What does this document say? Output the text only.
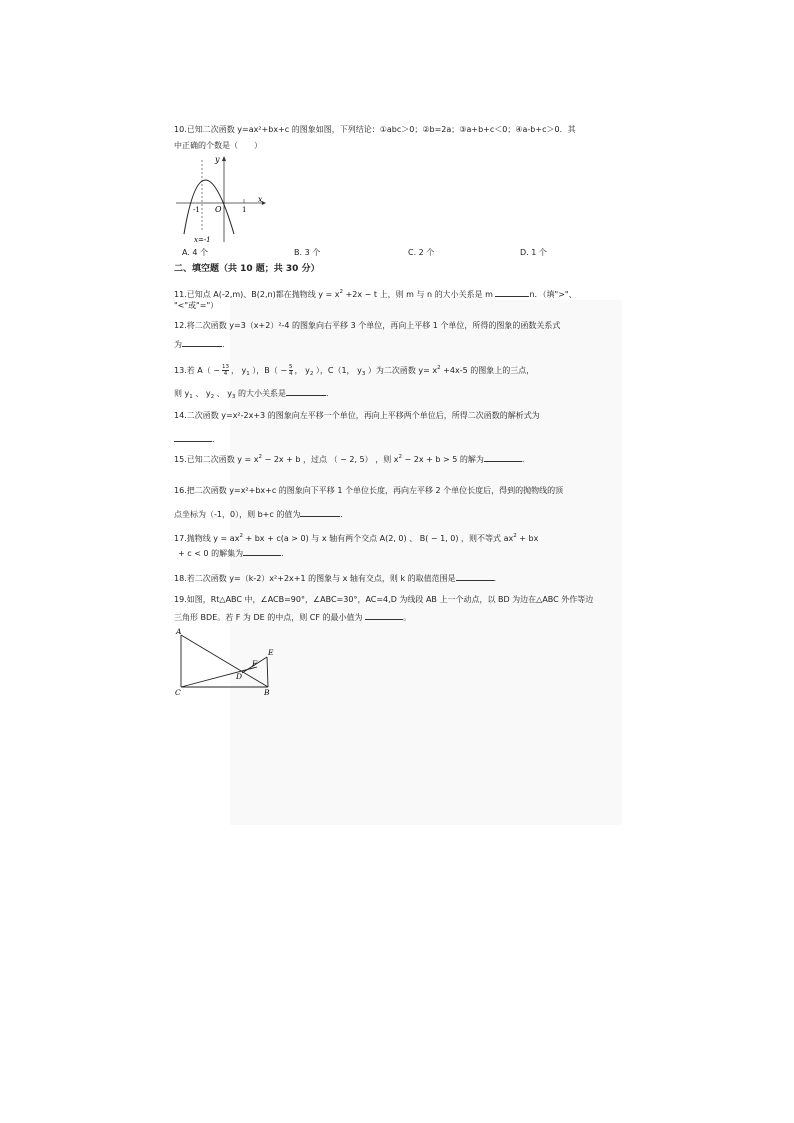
10.已知二次函数 y=ax²+bx+c 的图象如图，下列结论：①abc＞0；②b=2a；③a+b+c＜0；④a-b+c＞0．其
中正确的个数是（　　）
y
x
O
-1	1
x=-1
A. 4 个	B. 3 个	C. 2 个	D. 1 个
二、填空题（共 10 题；共 30 分）
11.已知点 A(-2,m)、B(2,n)都在抛物线 $y = x^2 +2x - t$ 上，则 m 与 n 的大小关系是 m	n．（填">"、
"<"或"="）
12.将二次函数 y=3（x+2）²-4 的图象向右平移 3 个单位，再向上平移 1 个单位，所得的图象的函数关系式
为	．
13.若 $A( - \frac{13}{4}$ ， $y_1$ ），$B( - \frac{5}{4}$ ， $y_2$ ），C（1， $y_3$ ）为二次函数 $y= x^2 +4x-5$ 的图象上的三点，
则 $y_1$ 、 $y_2$ 、 $y_3$ 的大小关系是	．
14.二次函数 y=x²-2x+3 的图象向左平移一个单位，再向上平移两个单位后，所得二次函数的解析式为
．
15.已知二次函数 $y = x^2 - 2x + b$ ，过点 （ − 2, 5） ，则 $x^2 - 2x + b > 5$ 的解为	．
16.把二次函数 y=x²+bx+c 的图象向下平移 1 个单位长度，再向左平移 2 个单位长度后，得到的抛物线的顶
点坐标为（-1，0），则 b+c 的值为	．
17.抛物线 $y = ax^2$ + bx + c(a > 0) 与 x 轴有两个交点 A(2, 0) 、 B( − 1, 0) ，则不等式 $ax^2$ + bx
+ c < 0 的解集为	．
18.若二次函数 y=（k-2）x²+2x+1 的图象与 x 轴有交点，则 k 的取值范围是	．
19.如图，Rt△ABC 中，∠ACB=90°，∠ABC=30°，AC=4,D 为线段 AB 上一个动点，以 BD 为边在△ABC 外作等边
三角形 BDE。若 F 为 DE 的中点，则 CF 的最小值为	。
A
C	B
D
E
F
